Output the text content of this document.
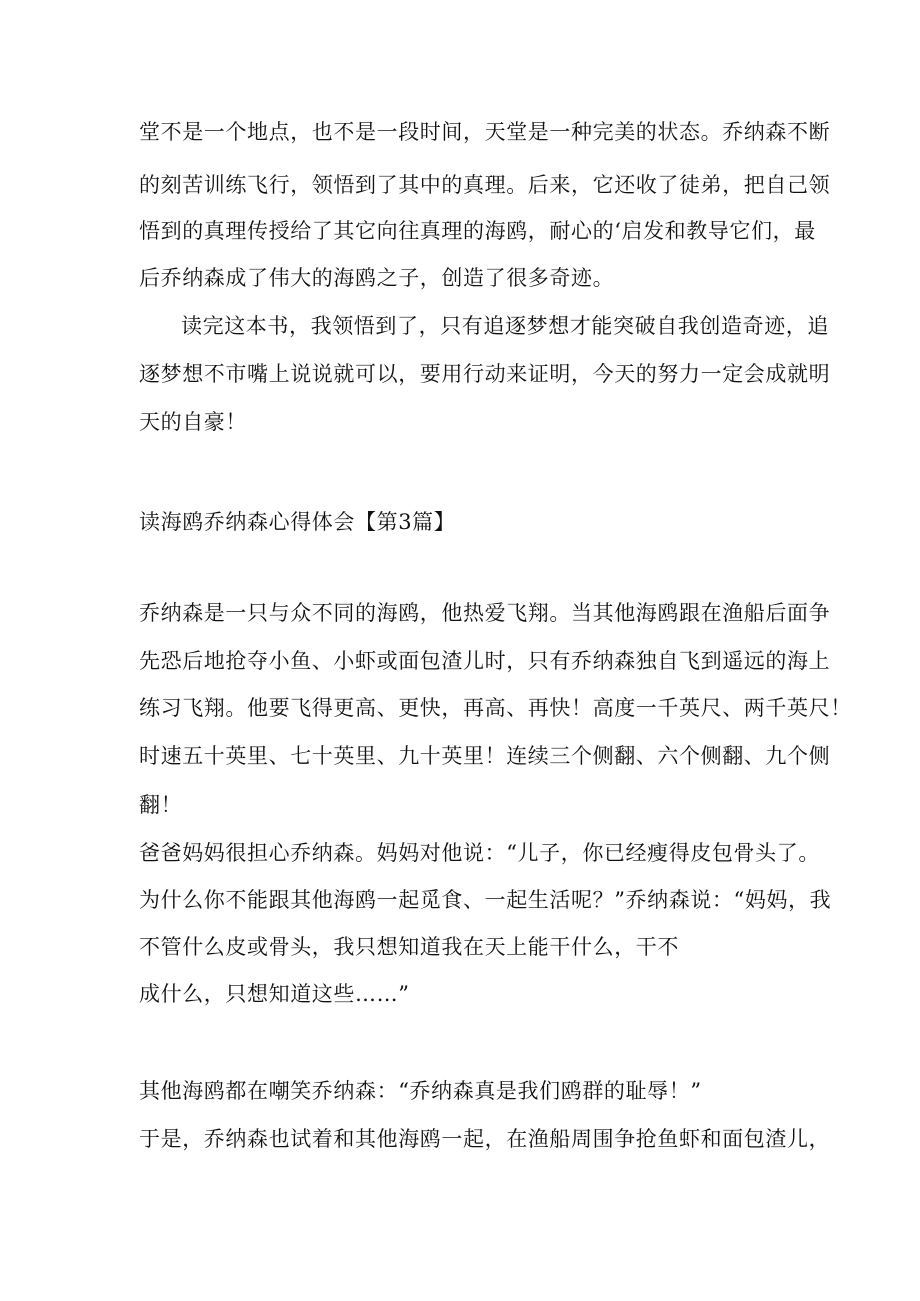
堂不是一个地点，也不是一段时间，天堂是一种完美的状态。乔纳森不断
的刻苦训练飞行，领悟到了其中的真理。后来，它还收了徒弟，把自己领
悟到的真理传授给了其它向往真理的海鸥，耐心的‘启发和教导它们，最
后乔纳森成了伟大的海鸥之子，创造了很多奇迹。
读完这本书，我领悟到了，只有追逐梦想才能突破自我创造奇迹，追
逐梦想不市嘴上说说就可以，要用行动来证明，今天的努力一定会成就明
天的自豪！
读海鸥乔纳森心得体会【第3篇】
乔纳森是一只与众不同的海鸥，他热爱飞翔。当其他海鸥跟在渔船后面争
先恐后地抢夺小鱼、小虾或面包渣儿时，只有乔纳森独自飞到遥远的海上
练习飞翔。他要飞得更高、更快，再高、再快！高度一千英尺、两千英尺！
时速五十英里、七十英里、九十英里！连续三个侧翻、六个侧翻、九个侧
翻！
爸爸妈妈很担心乔纳森。妈妈对他说：“儿子，你已经瘦得皮包骨头了。
为什么你不能跟其他海鸥一起觅食、一起生活呢？”乔纳森说：“妈妈，我
不管什么皮或骨头，我只想知道我在天上能干什么，干不
成什么，只想知道这些……”
其他海鸥都在嘲笑乔纳森：“乔纳森真是我们鸥群的耻辱！”
于是，乔纳森也试着和其他海鸥一起，在渔船周围争抢鱼虾和面包渣儿，
